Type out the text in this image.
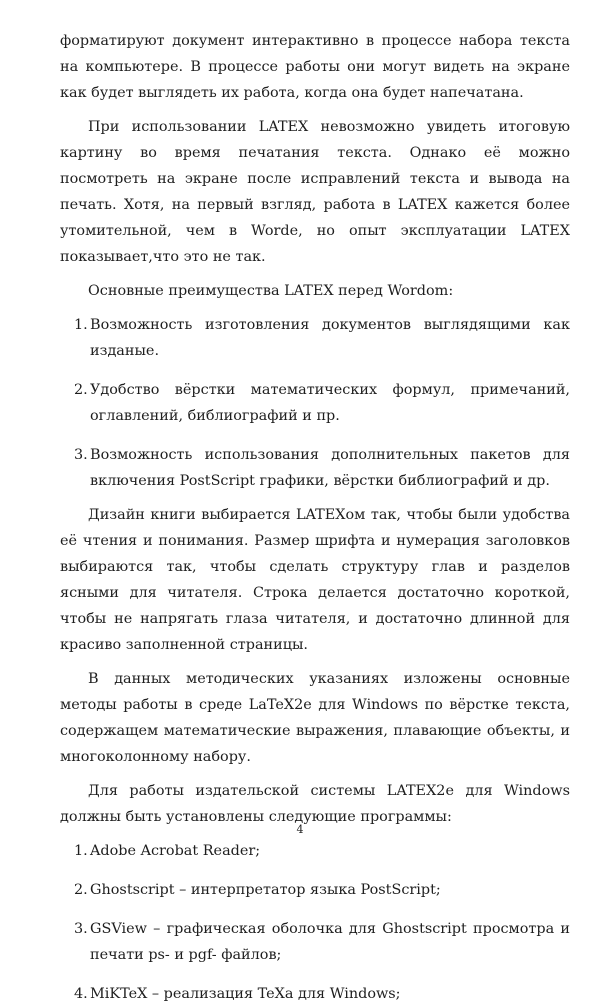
форматируют документ интерактивно в процессе набора текста на компьютере. В процессе работы они могут видеть на экране как будет выглядеть их работа, когда она будет напечатана.

При использовании LATEX невозможно увидеть итоговую картину во время печатания текста. Однако её можно посмотреть на экране после исправлений текста и вывода на печать. Хотя, на первый взгляд, работа в LATEX кажется более утомительной, чем в Worde, но опыт эксплуатации LATEX показывает,что это не так.

Основные преимущества LATEX перед Wordom:

1. Возможность изготовления документов выглядящими как изданые.
2. Удобство вёрстки математических формул, примечаний, оглавлений, библиографий и пр.
3. Возможность использования дополнительных пакетов для включения PostScript графики, вёрстки библиографий и др.

Дизайн книги выбирается LATEXом так, чтобы были удобства её чтения и понимания. Размер шрифта и нумерация заголовков выбираются так, чтобы сделать структуру глав и разделов ясными для читателя. Строка делается достаточно короткой, чтобы не напрягать глаза читателя, и достаточно длинной для красиво заполненной страницы.

В данных методических указаниях изложены основные методы работы в среде LaTeX2e для Windows по вёрстке текста, содержащем математические выражения, плавающие объекты, и многоколонному набору.

Для работы издательской системы LATEX2e для Windows должны быть установлены следующие программы:

1. Adobe Acrobat Reader;
2. Ghostscript – интерпретатор языка PostScript;
3. GSView – графическая оболочка для Ghostscript просмотра и печати ps- и pgf- файлов;
4. MiKTeX – реализация TeXa для Windows;
4
